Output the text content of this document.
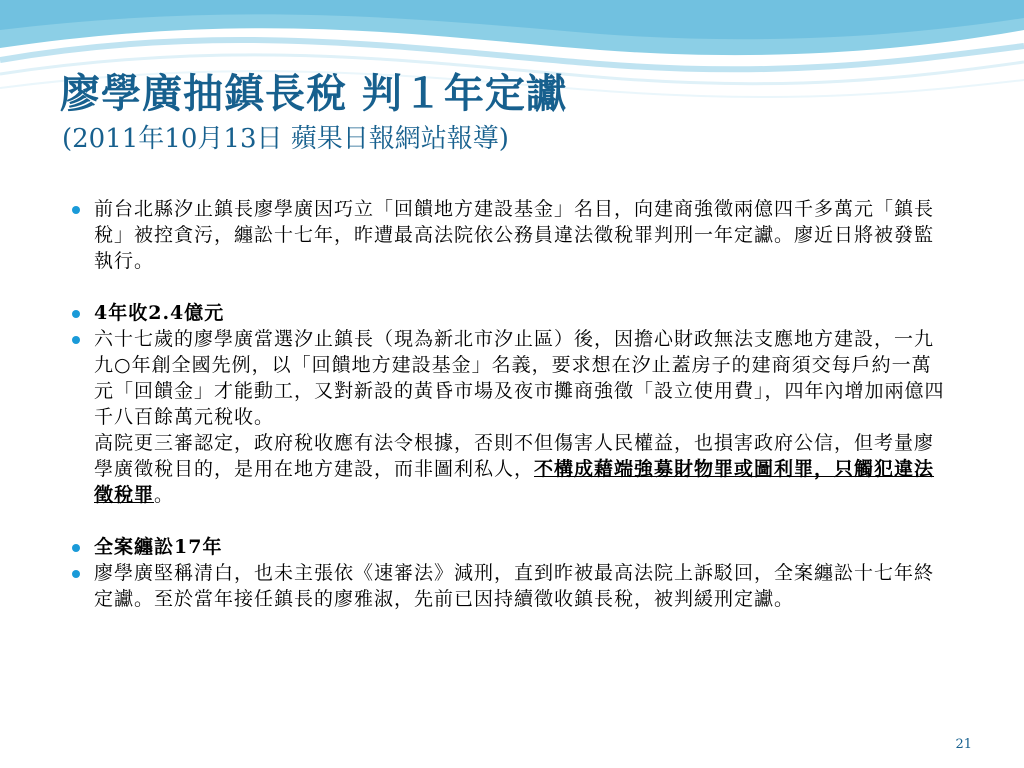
廖學廣抽鎮長稅 判１年定讞

(2011年10月13日 蘋果日報網站報導)

前台北縣汐止鎮長廖學廣因巧立「回饋地方建設基金」名目，向建商強徵兩億四千多萬元「鎮長稅」被控貪污，纏訟十七年，昨遭最高法院依公務員違法徵稅罪判刑一年定讞。廖近日將被發監執行。

4年收2.4億元

六十七歲的廖學廣當選汐止鎮長（現為新北市汐止區）後，因擔心財政無法支應地方建設，一九九○年創全國先例，以「回饋地方建設基金」名義，要求想在汐止蓋房子的建商須交每戶約一萬元「回饋金」才能動工，又對新設的黃昏市場及夜市攤商強徵「設立使用費」，四年內增加兩億四千八百餘萬元稅收。
高院更三審認定，政府稅收應有法令根據，否則不但傷害人民權益，也損害政府公信，但考量廖學廣徵稅目的，是用在地方建設，而非圖利私人，不構成藉端強募財物罪或圖利罪，只觸犯違法徵稅罪。

全案纏訟17年

廖學廣堅稱清白，也未主張依《速審法》減刑，直到昨被最高法院上訴駁回，全案纏訟十七年終定讞。至於當年接任鎮長的廖雅淑，先前已因持續徵收鎮長稅，被判緩刑定讞。

21
